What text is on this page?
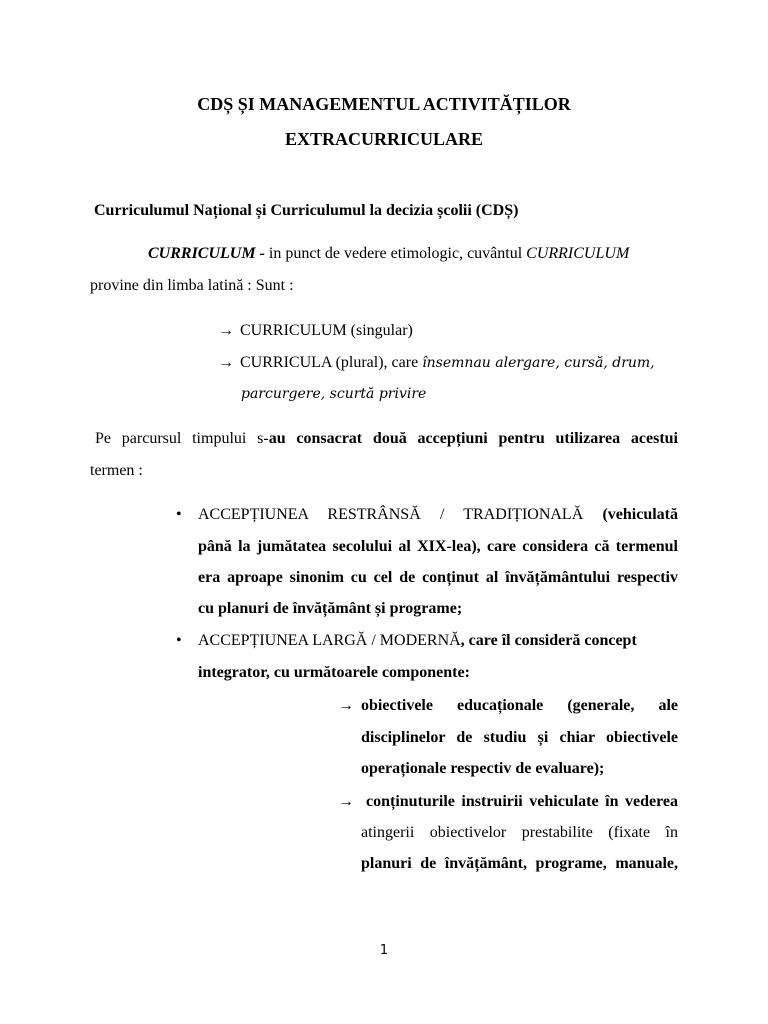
CDȘ ȘI MANAGEMENTUL ACTIVITĂȚILOR
EXTRACURRICULARE
Curriculumul Național și Curriculumul la decizia școlii (CDȘ)
CURRICULUM - in punct de vedere etimologic, cuvântul CURRICULUM
provine din limba latină : Sunt :
→ CURRICULUM (singular)
→ CURRICULA (plural), care însemnau alergare, cursă, drum,
parcurgere, scurtă privire
Pe parcursul timpului s-au consacrat două accepțiuni pentru utilizarea acestui
termen :
• ACCEPȚIUNEA RESTRÂNSĂ / TRADIȚIONALĂ (vehiculată
până la jumătatea secolului al XIX-lea), care considera că termenul
era aproape sinonim cu cel de conținut al învățământului respectiv
cu planuri de învățământ și programe;
• ACCEPȚIUNEA LARGĂ / MODERNĂ, care îl consideră concept
integrator, cu următoarele componente:
→ obiectivele educaționale (generale, ale
disciplinelor de studiu și chiar obiectivele
operaționale respectiv de evaluare);
→ conținuturile instruirii vehiculate în vederea
atingerii obiectivelor prestabilite (fixate în
planuri de învățământ, programe, manuale,
1
